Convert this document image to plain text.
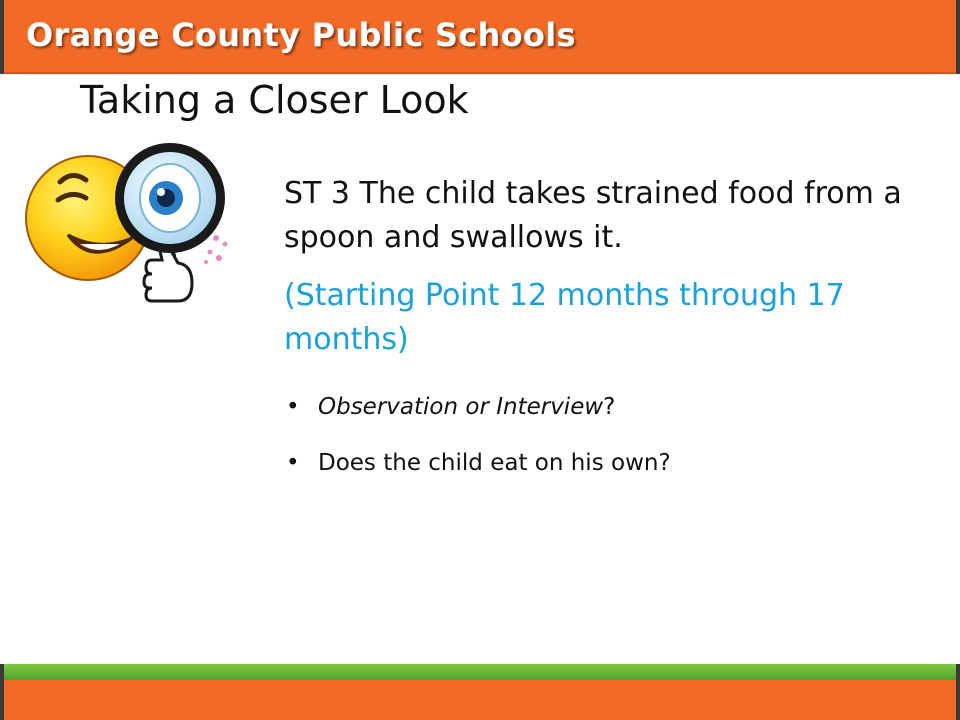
Orange County Public Schools
Taking a Closer Look

ST 3 The child takes strained food from a spoon and swallows it.

(Starting Point 12 months through 17 months)

• Observation or Interview?
• Does the child eat on his own?
